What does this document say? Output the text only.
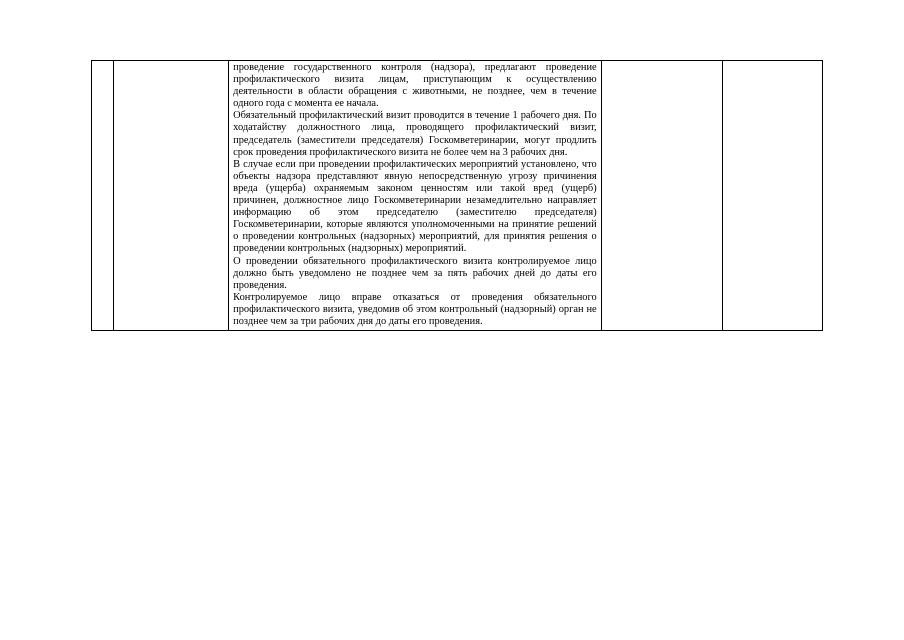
проведение государственного контроля (надзора), предлагают проведение профилактического визита лицам, приступающим к осуществлению деятельности в области обращения с животными, не позднее, чем в течение одного года с момента ее начала.

Обязательный профилактический визит проводится в течение 1 рабочего дня. По ходатайству должностного лица, проводящего профилактический визит, председатель (заместители председателя) Госкомветеринарии, могут продлить срок проведения профилактического визита не более чем на 3 рабочих дня.

В случае если при проведении профилактических мероприятий установлено, что объекты надзора представляют явную непосредственную угрозу причинения вреда (ущерба) охраняемым законом ценностям или такой вред (ущерб) причинен, должностное лицо Госкомветеринарии незамедлительно направляет информацию об этом председателю (заместителю председателя) Госкомветеринарии, которые являются уполномоченными на принятие решений о проведении контрольных (надзорных) мероприятий, для принятия решения о проведении контрольных (надзорных) мероприятий.

О проведении обязательного профилактического визита контролируемое лицо должно быть уведомлено не позднее чем за пять рабочих дней до даты его проведения.

Контролируемое лицо вправе отказаться от проведения обязательного профилактического визита, уведомив об этом контрольный (надзорный) орган не позднее чем за три рабочих дня до даты его проведения.
